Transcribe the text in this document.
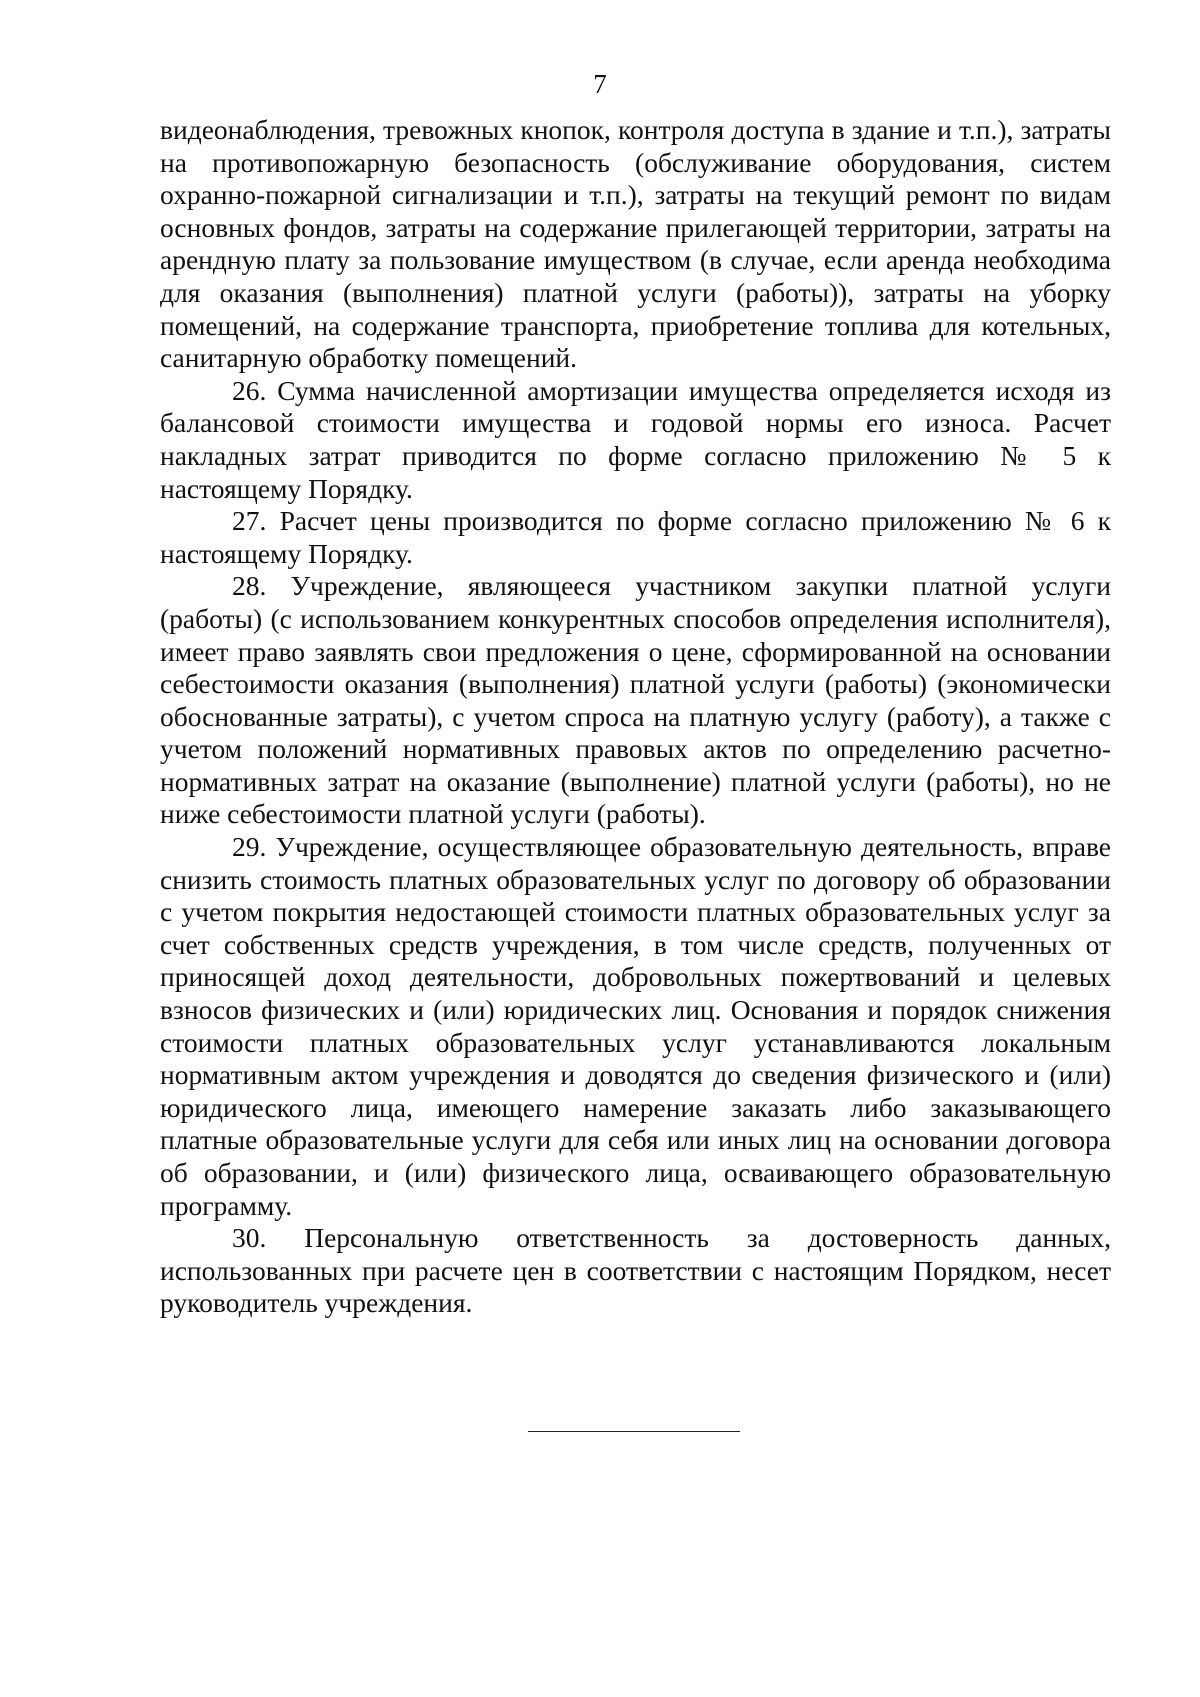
7

видеонаблюдения, тревожных кнопок, контроля доступа в здание и т.п.), затраты на противопожарную безопасность (обслуживание оборудования, систем охранно-пожарной сигнализации и т.п.), затраты на текущий ремонт по видам основных фондов, затраты на содержание прилегающей территории, затраты на арендную плату за пользование имуществом (в случае, если аренда необходима для оказания (выполнения) платной услуги (работы)), затраты на уборку помещений, на содержание транспорта, приобретение топлива для котельных, санитарную обработку помещений.

26. Сумма начисленной амортизации имущества определяется исходя из балансовой стоимости имущества и годовой нормы его износа. Расчет накладных затрат приводится по форме согласно приложению № 5 к настоящему Порядку.

27. Расчет цены производится по форме согласно приложению № 6 к настоящему Порядку.

28. Учреждение, являющееся участником закупки платной услуги (работы) (с использованием конкурентных способов определения исполнителя), имеет право заявлять свои предложения о цене, сформированной на основании себестоимости оказания (выполнения) платной услуги (работы) (экономически обоснованные затраты), с учетом спроса на платную услугу (работу), а также с учетом положений нормативных правовых актов по определению расчетно-нормативных затрат на оказание (выполнение) платной услуги (работы), но не ниже себестоимости платной услуги (работы).

29. Учреждение, осуществляющее образовательную деятельность, вправе снизить стоимость платных образовательных услуг по договору об образовании с учетом покрытия недостающей стоимости платных образовательных услуг за счет собственных средств учреждения, в том числе средств, полученных от приносящей доход деятельности, добровольных пожертвований и целевых взносов физических и (или) юридических лиц. Основания и порядок снижения стоимости платных образовательных услуг устанавливаются локальным нормативным актом учреждения и доводятся до сведения физического и (или) юридического лица, имеющего намерение заказать либо заказывающего платные образовательные услуги для себя или иных лиц на основании договора об образовании, и (или) физического лица, осваивающего образовательную программу.

30. Персональную ответственность за достоверность данных, использованных при расчете цен в соответствии с настоящим Порядком, несет руководитель учреждения.
